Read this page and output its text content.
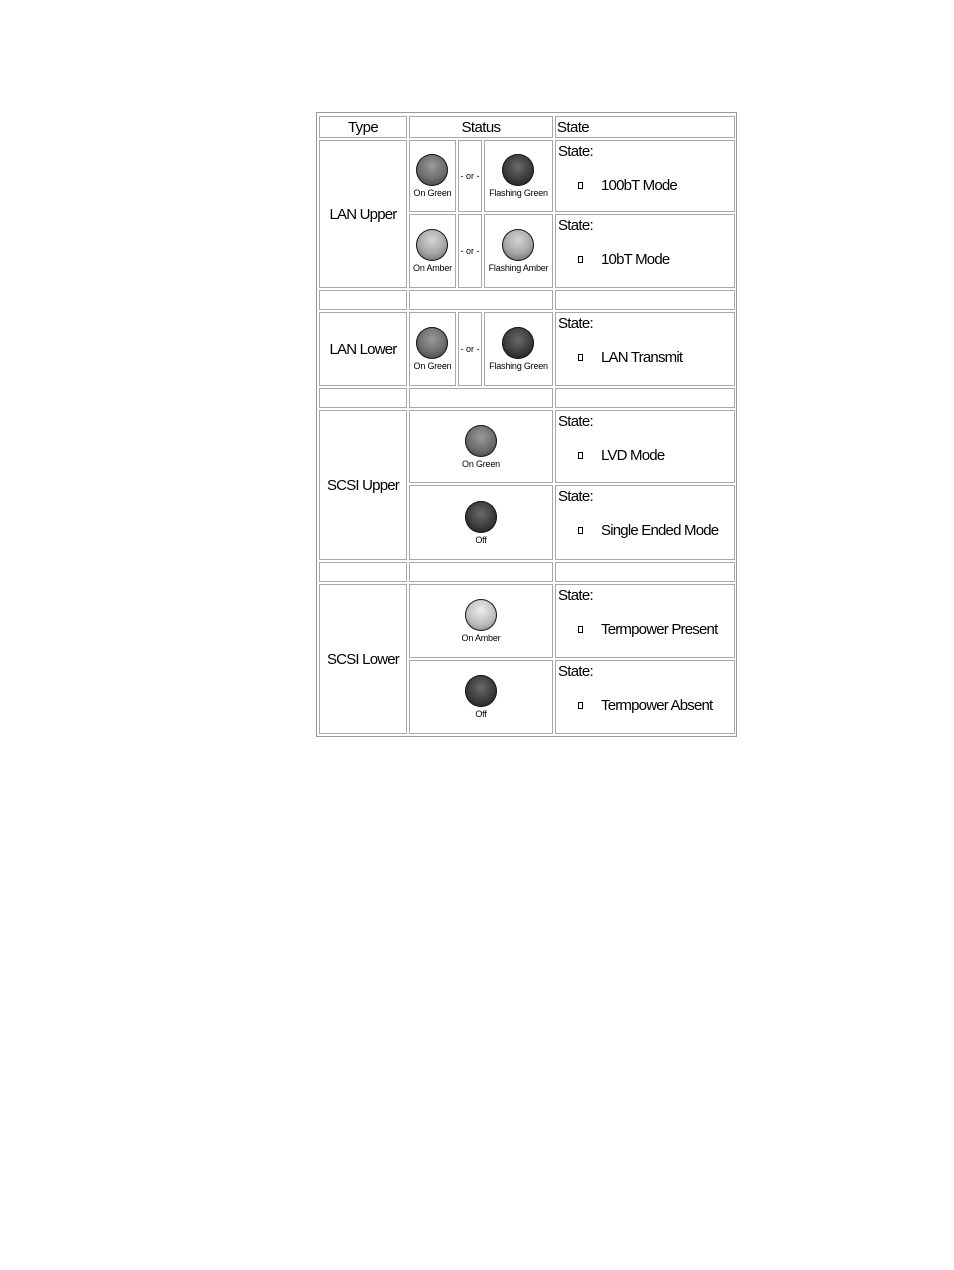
Type	Status	State
LAN Upper
On Green
- or -
Flashing Green
State:
100bT Mode
On Amber
- or -
Flashing Amber
State:
10bT Mode
LAN Lower
On Green
- or -
Flashing Green
State:
LAN Transmit
SCSI Upper
On Green
State:
LVD Mode
Off
State:
Single Ended Mode
SCSI Lower
On Amber
State:
Termpower Present
Off
State:
Termpower Absent
